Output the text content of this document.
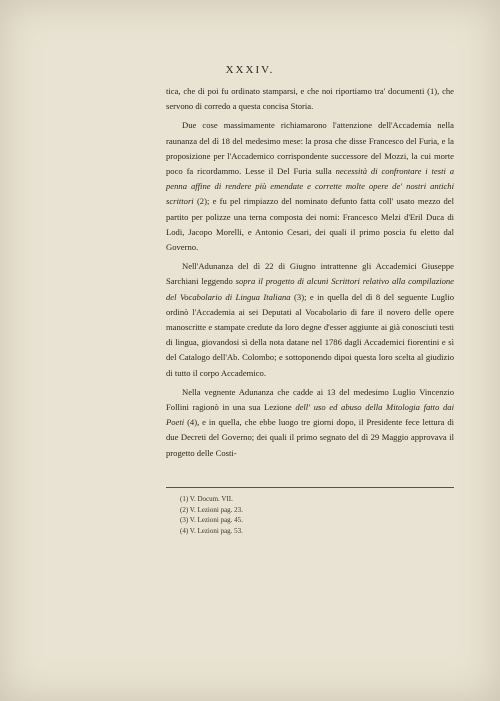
XXXIV.

tica, che di poi fu ordinato stamparsi, e che noi riportiamo tra' documenti (1), che servono di corredo a questa concisa Storia.

Due cose massimamente richiamarono l'attenzione dell'Accademia nella raunanza del dì 18 del medesimo mese: la prosa che disse Francesco del Furia, e la proposizione per l'Accademico corrispondente successore del Mozzi, la cui morte poco fa ricordammo. Lesse il Del Furia sulla necessità di confrontare i testi a penna affine di rendere più emendate e corrette molte opere de' nostri antichi scrittori (2); e fu pel rimpiazzo del nominato defunto fatta coll' usato mezzo del partito per polizze una terna composta dei nomi: Francesco Melzi d'Eril Duca di Lodi, Jacopo Morelli, e Antonio Cesari, dei quali il primo poscia fu eletto dal Governo.

Nell'Adunanza del dì 22 di Giugno intrattenne gli Accademici Giuseppe Sarchiani leggendo sopra il progetto di alcuni Scrittori relativo alla compilazione del Vocabolario di Lingua Italiana (3); e in quella del dì 8 del seguente Luglio ordinò l'Accademia ai sei Deputati al Vocabolario di fare il novero delle opere manoscritte e stampate credute da loro degne d'esser aggiunte ai già conosciuti testi di lingua, giovandosi sì della nota datane nel 1786 dagli Accademici fiorentini e sì del Catalogo dell'Ab. Colombo; e sottoponendo dipoi questa loro scelta al giudizio di tutto il corpo Accademico.

Nella vegnente Adunanza che cadde ai 13 del medesimo Luglio Vincenzio Follini ragionò in una sua Lezione dell' uso ed abuso della Mitologia fatto dai Poeti (4), e in quella, che ebbe luogo tre giorni dopo, il Presidente fece lettura di due Decreti del Governo; dei quali il primo segnato del dì 29 Maggio approvava il progetto delle Costi-

(1) V. Docum. VII.
(2) V. Lezioni pag. 23.
(3) V. Lezioni pag. 45.
(4) V. Lezioni pag. 53.
